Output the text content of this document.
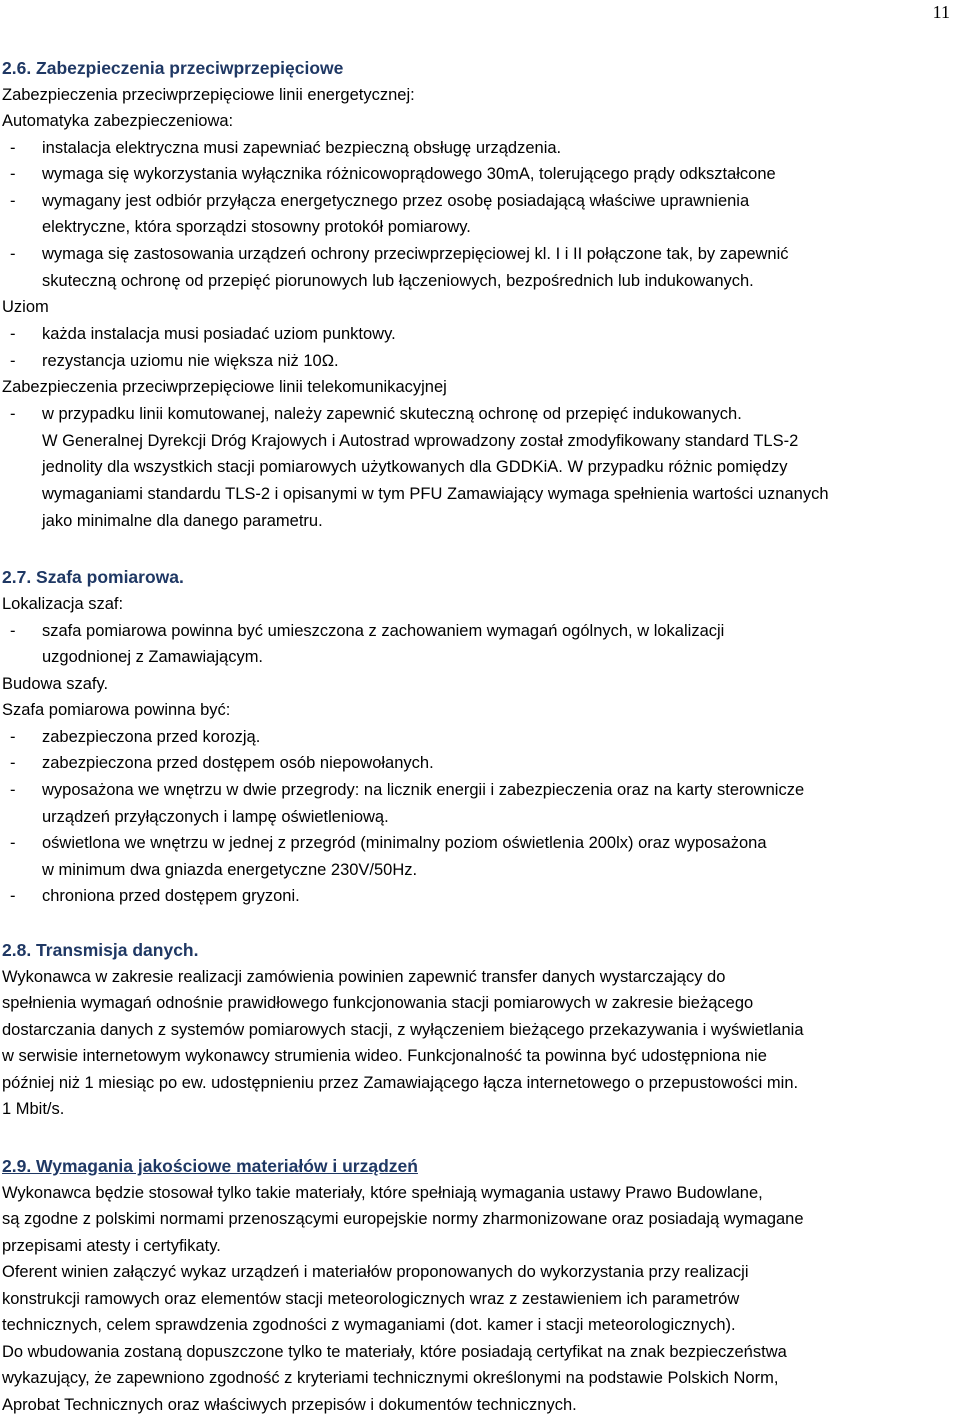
11
2.6. Zabezpieczenia przeciwprzepięciowe
Zabezpieczenia przeciwprzepięciowe linii energetycznej:
Automatyka zabezpieczeniowa:
- instalacja elektryczna musi zapewniać bezpieczną obsługę urządzenia.
- wymaga się wykorzystania wyłącznika różnicowoprądowego 30mA, tolerującego prądy odkształcone
- wymagany jest odbiór przyłącza energetycznego przez osobę posiadającą właściwe uprawnienia
elektryczne, która sporządzi stosowny protokół pomiarowy.
- wymaga się zastosowania urządzeń ochrony przeciwprzepięciowej kl. I i II połączone tak, by zapewnić
skuteczną ochronę od przepięć piorunowych lub łączeniowych, bezpośrednich lub indukowanych.
Uziom
- każda instalacja musi posiadać uziom punktowy.
- rezystancja uziomu nie większa niż 10Ω.
Zabezpieczenia przeciwprzepięciowe linii telekomunikacyjnej
- w przypadku linii komutowanej, należy zapewnić skuteczną ochronę od przepięć indukowanych.
W Generalnej Dyrekcji Dróg Krajowych i Autostrad wprowadzony został zmodyfikowany standard TLS-2
jednolity dla wszystkich stacji pomiarowych użytkowanych dla GDDKiA. W przypadku różnic pomiędzy
wymaganiami standardu TLS-2 i opisanymi w tym PFU Zamawiający wymaga spełnienia wartości uznanych
jako minimalne dla danego parametru.
2.7. Szafa pomiarowa.
Lokalizacja szaf:
- szafa pomiarowa powinna być umieszczona z zachowaniem wymagań ogólnych, w lokalizacji
uzgodnionej z Zamawiającym.
Budowa szafy.
Szafa pomiarowa powinna być:
- zabezpieczona przed korozją.
- zabezpieczona przed dostępem osób niepowołanych.
- wyposażona we wnętrzu w dwie przegrody: na licznik energii i zabezpieczenia oraz na karty sterownicze
urządzeń przyłączonych i lampę oświetleniową.
- oświetlona we wnętrzu w jednej z przegród (minimalny poziom oświetlenia 200lx) oraz wyposażona
w minimum dwa gniazda energetyczne 230V/50Hz.
- chroniona przed dostępem gryzoni.
2.8. Transmisja danych.
Wykonawca w zakresie realizacji zamówienia powinien zapewnić transfer danych wystarczający do
spełnienia wymagań odnośnie prawidłowego funkcjonowania stacji pomiarowych w zakresie bieżącego
dostarczania danych z systemów pomiarowych stacji, z wyłączeniem bieżącego przekazywania i wyświetlania
w serwisie internetowym wykonawcy strumienia wideo. Funkcjonalność ta powinna być udostępniona nie
później niż 1 miesiąc po ew. udostępnieniu przez Zamawiającego łącza internetowego o przepustowości min.
1 Mbit/s.
2.9. Wymagania jakościowe materiałów i urządzeń
Wykonawca będzie stosował tylko takie materiały, które spełniają wymagania ustawy Prawo Budowlane,
są zgodne z polskimi normami przenoszącymi europejskie normy zharmonizowane oraz posiadają wymagane
przepisami atesty i certyfikaty.
Oferent winien załączyć wykaz urządzeń i materiałów proponowanych do wykorzystania przy realizacji
konstrukcji ramowych oraz elementów stacji meteorologicznych wraz z zestawieniem ich parametrów
technicznych, celem sprawdzenia zgodności z wymaganiami (dot. kamer i stacji meteorologicznych).
Do wbudowania zostaną dopuszczone tylko te materiały, które posiadają certyfikat na znak bezpieczeństwa
wykazujący, że zapewniono zgodność z kryteriami technicznymi określonymi na podstawie Polskich Norm,
Aprobat Technicznych oraz właściwych przepisów i dokumentów technicznych.
